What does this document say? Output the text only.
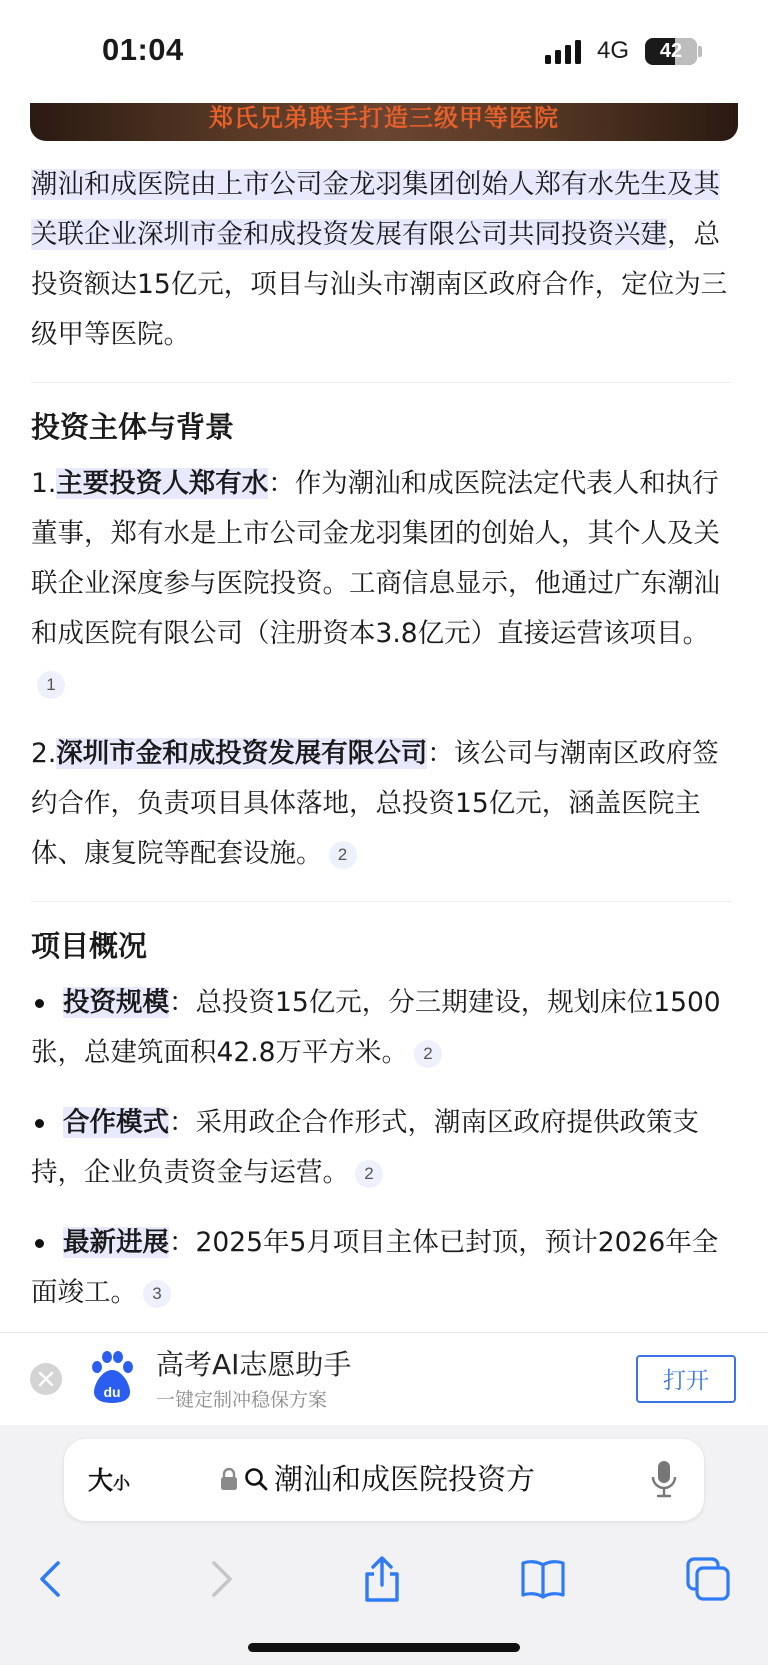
01:04	4G	42
郑氏兄弟联手打造三级甲等医院

潮汕和成医院由上市公司金龙羽集团创始人郑有水先生及其关联企业深圳市金和成投资发展有限公司共同投资兴建，总投资额达15亿元，项目与汕头市潮南区政府合作，定位为三级甲等医院。

投资主体与背景

1.主要投资人郑有水：作为潮汕和成医院法定代表人和执行董事，郑有水是上市公司金龙羽集团的创始人，其个人及关联企业深度参与医院投资。工商信息显示，他通过广东潮汕和成医院有限公司（注册资本3.8亿元）直接运营该项目。1

2.深圳市金和成投资发展有限公司：该公司与潮南区政府签约合作，负责项目具体落地，总投资15亿元，涵盖医院主体、康复院等配套设施。 2

项目概况

投资规模：总投资15亿元，分三期建设，规划床位1500张，总建筑面积42.8万平方米。 2

合作模式：采用政企合作形式，潮南区政府提供政策支持，企业负责资金与运营。 2

最新进展：2025年5月项目主体已封顶，预计2026年全面竣工。 3

du
高考AI志愿助手
一键定制冲稳保方案
打开
大小	潮汕和成医院投资方
